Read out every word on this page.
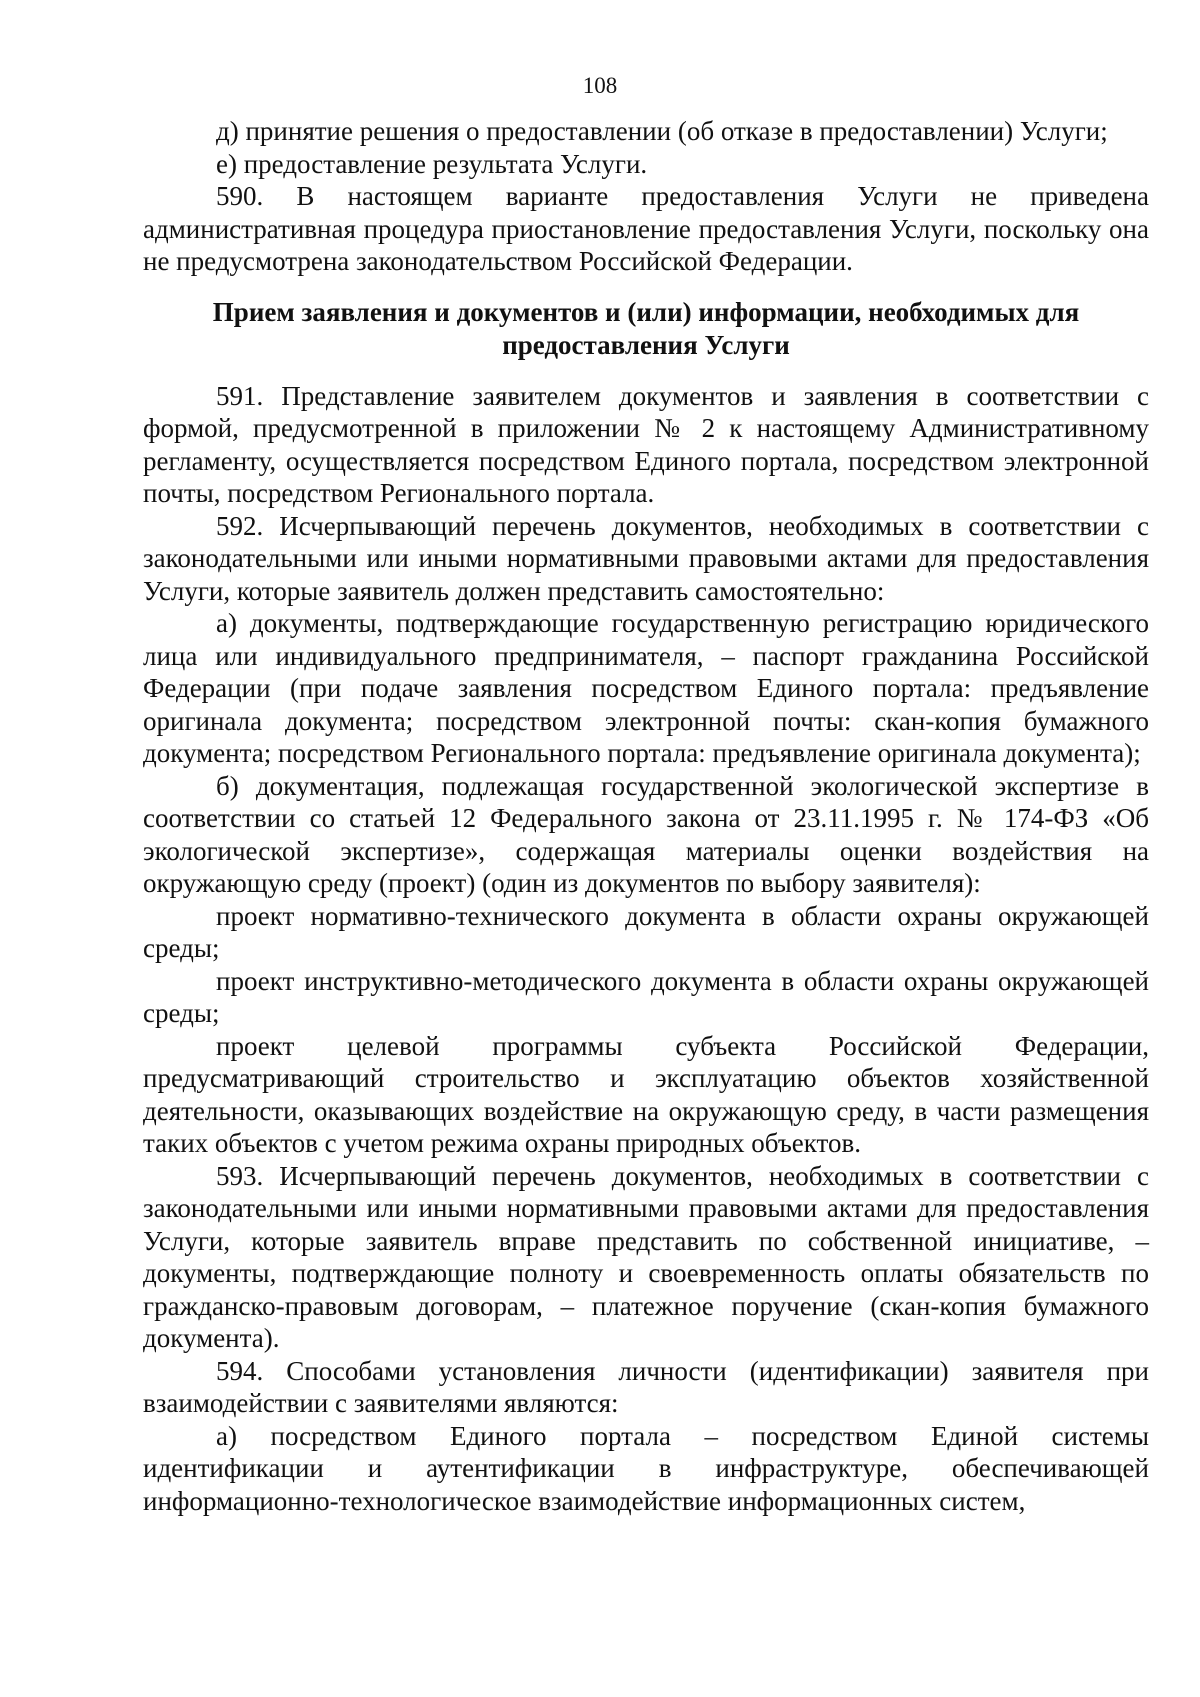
108

д) принятие решения о предоставлении (об отказе в предоставлении) Услуги;

е) предоставление результата Услуги.

590. В настоящем варианте предоставления Услуги не приведена административная процедура приостановление предоставления Услуги, поскольку она не предусмотрена законодательством Российской Федерации.

Прием заявления и документов и (или) информации, необходимых для предоставления Услуги

591. Представление заявителем документов и заявления в соответствии с формой, предусмотренной в приложении № 2 к настоящему Административному регламенту, осуществляется посредством Единого портала, посредством электронной почты, посредством Регионального портала.

592. Исчерпывающий перечень документов, необходимых в соответствии с законодательными или иными нормативными правовыми актами для предоставления Услуги, которые заявитель должен представить самостоятельно:

а) документы, подтверждающие государственную регистрацию юридического лица или индивидуального предпринимателя, – паспорт гражданина Российской Федерации (при подаче заявления посредством Единого портала: предъявление оригинала документа; посредством электронной почты: скан-копия бумажного документа; посредством Регионального портала: предъявление оригинала документа);

б) документация, подлежащая государственной экологической экспертизе в соответствии со статьей 12 Федерального закона от 23.11.1995 г. № 174-ФЗ «Об экологической экспертизе», содержащая материалы оценки воздействия на окружающую среду (проект) (один из документов по выбору заявителя):

проект нормативно-технического документа в области охраны окружающей среды;

проект инструктивно-методического документа в области охраны окружающей среды;

проект целевой программы субъекта Российской Федерации, предусматривающий строительство и эксплуатацию объектов хозяйственной деятельности, оказывающих воздействие на окружающую среду, в части размещения таких объектов с учетом режима охраны природных объектов.

593. Исчерпывающий перечень документов, необходимых в соответствии с законодательными или иными нормативными правовыми актами для предоставления Услуги, которые заявитель вправе представить по собственной инициативе, – документы, подтверждающие полноту и своевременность оплаты обязательств по гражданско-правовым договорам, – платежное поручение (скан-копия бумажного документа).

594. Способами установления личности (идентификации) заявителя при взаимодействии с заявителями являются:

а) посредством Единого портала – посредством Единой системы идентификации и аутентификации в инфраструктуре, обеспечивающей информационно-технологическое взаимодействие информационных систем,
